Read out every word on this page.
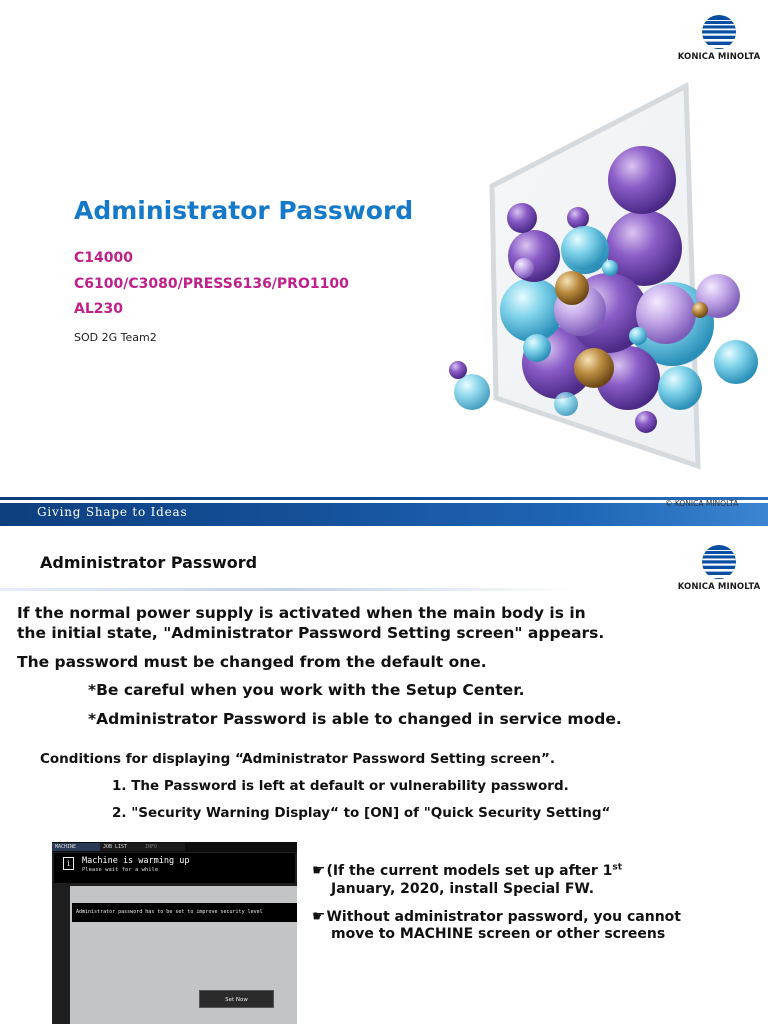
KONICA MINOLTA
Administrator Password
C14000
C6100/C3080/PRESS6136/PRO1100
AL230
SOD 2G Team2
Giving Shape to Ideas
© KONICA MINOLTA
KONICA MINOLTA
Administrator Password
If the normal power supply is activated when the main body is in
the initial state, "Administrator Password Setting screen" appears.
The password must be changed from the default one.
*Be careful when you work with the Setup Center.
*Administrator Password is able to changed in service mode.
Conditions for displaying “Administrator Password Setting screen”.
1. The Password is left at default or vulnerability password.
2. "Security Warning Display“ to [ON] of "Quick Security Setting“
MACHINE	JOB LIST	INFO
i	Machine is warming up
Please wait for a while
Administrator password has to be set to improve security level
Set Now
☛(If the current models set up after 1st
January, 2020, install Special FW.
☛Without administrator password, you cannot
move to MACHINE screen or other screens
